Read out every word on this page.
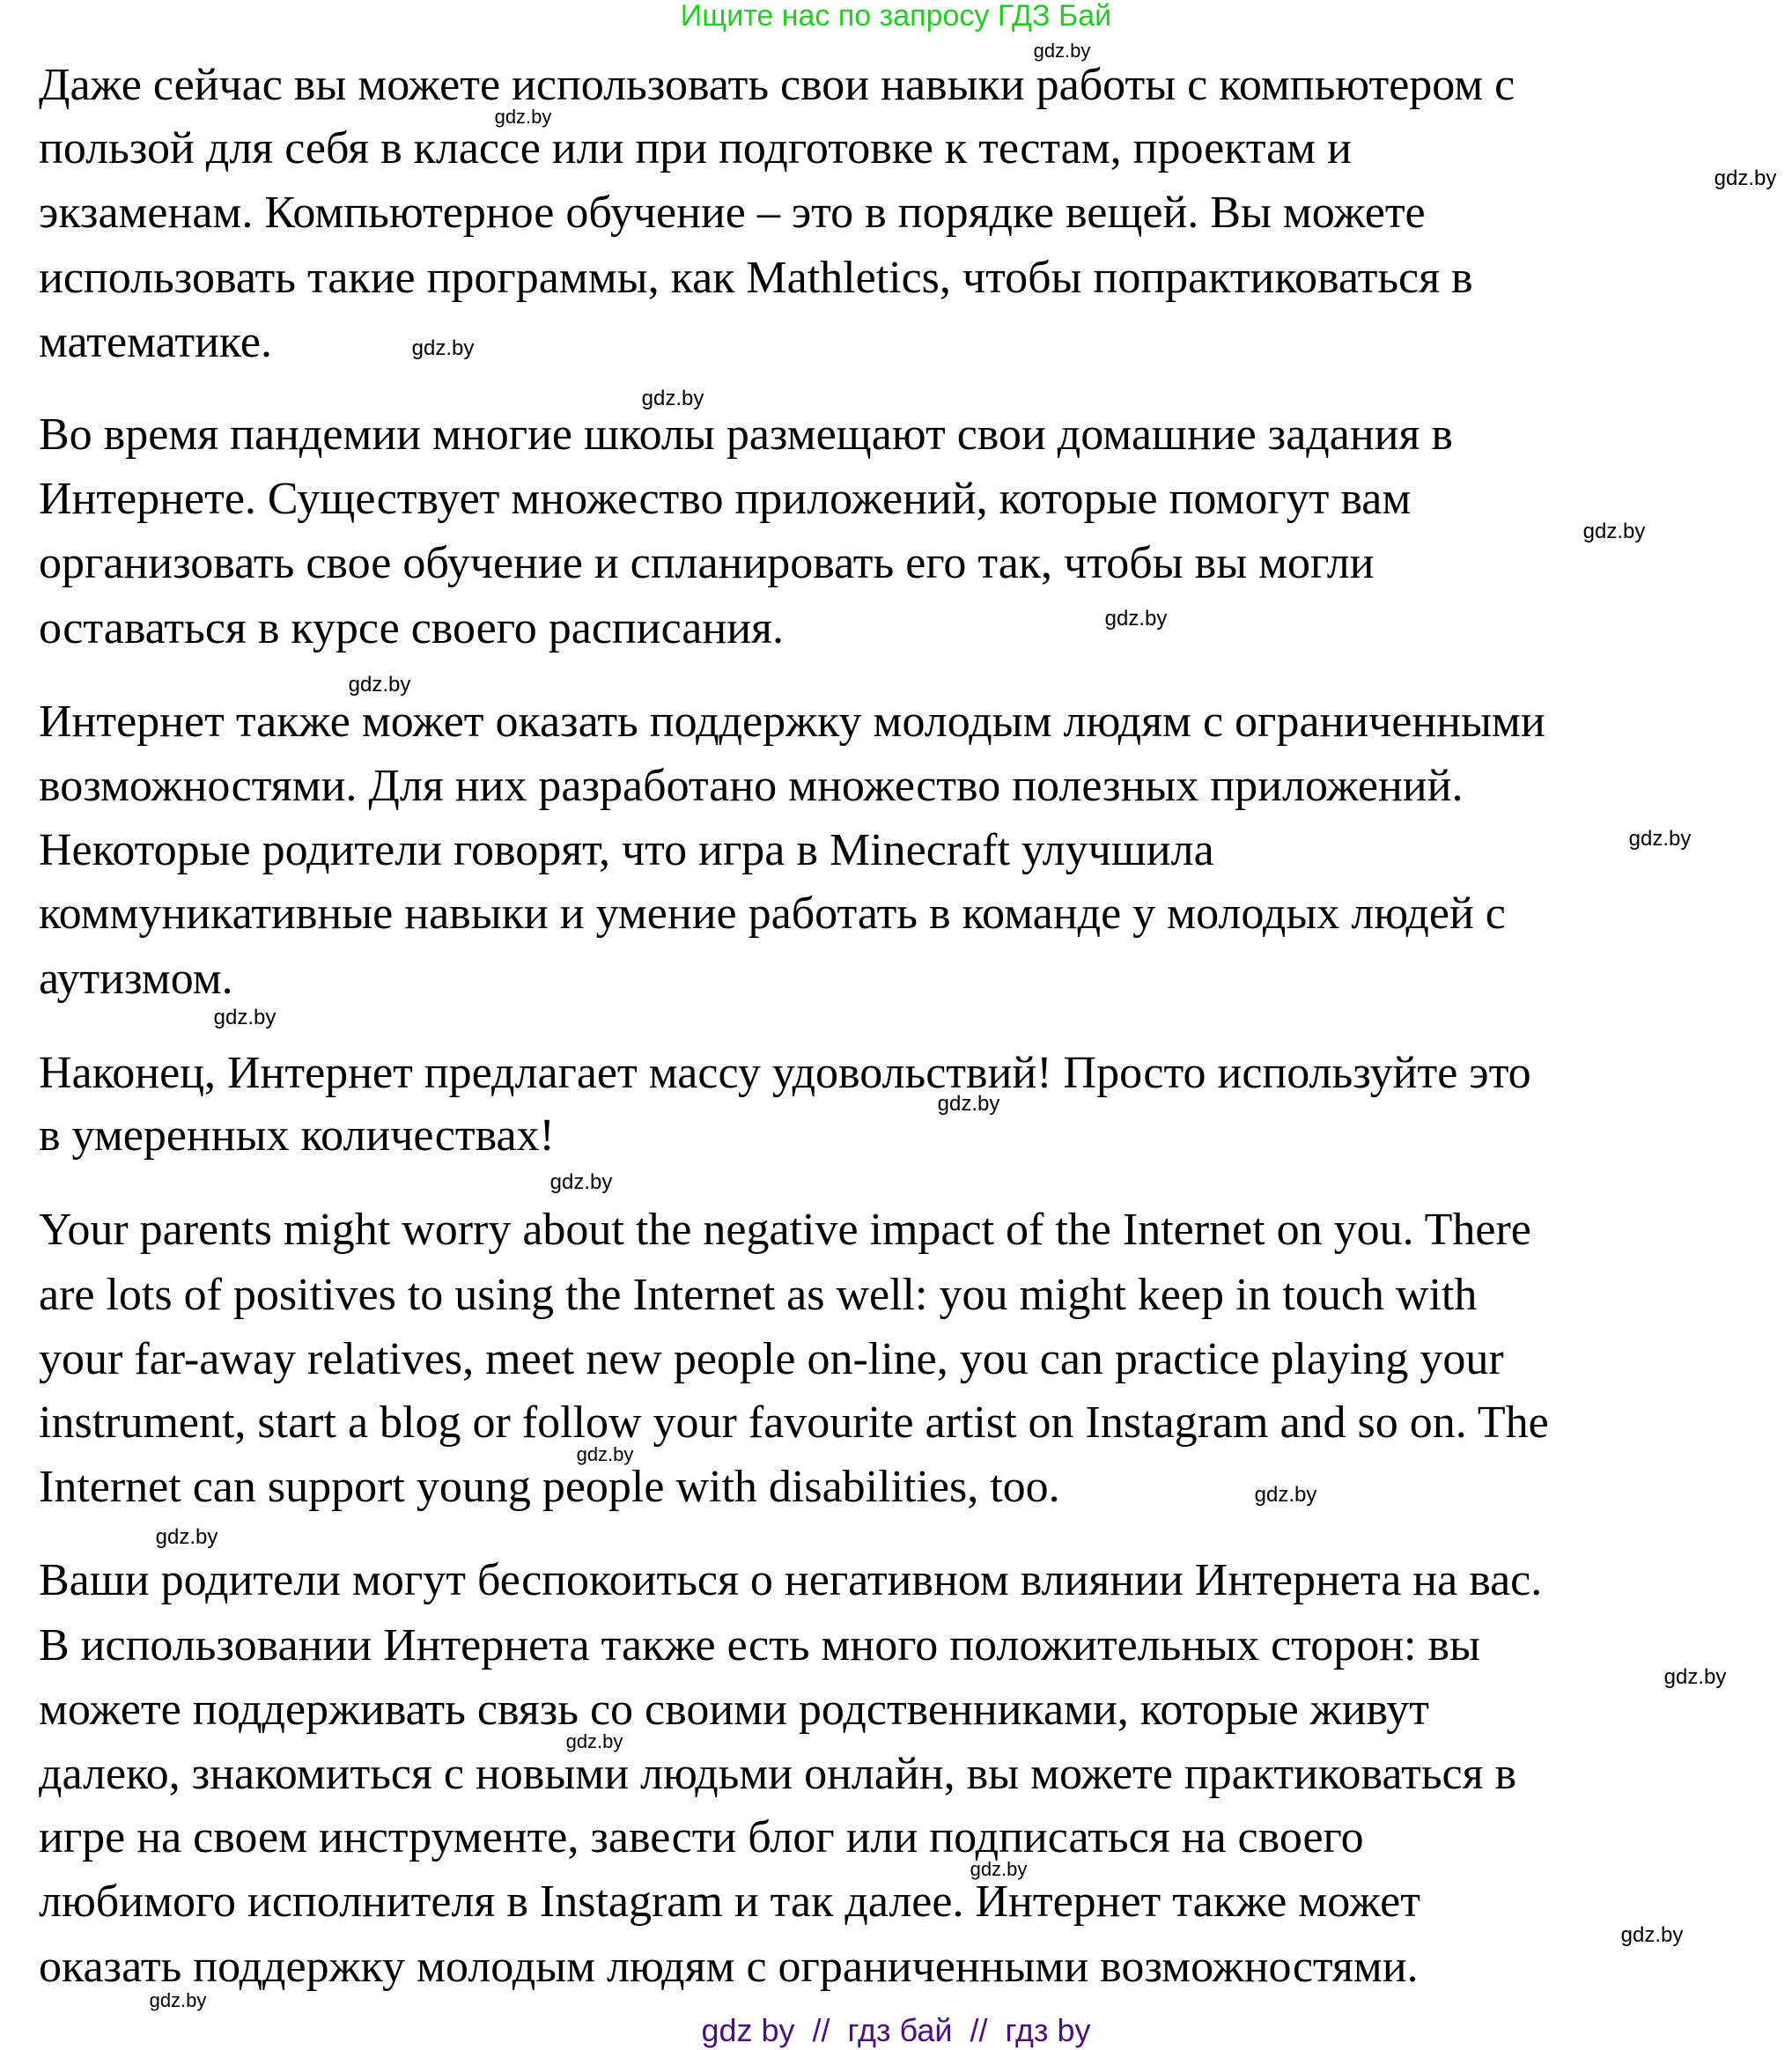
Ищите нас по запросу ГДЗ Бай
Даже сейчас вы можете использовать свои навыки работы с компьютером с
пользой для себя в классе или при подготовке к тестам, проектам и
экзаменам. Компьютерное обучение – это в порядке вещей. Вы можете
использовать такие программы, как Mathletics, чтобы попрактиковаться в
математике.
Во время пандемии многие школы размещают свои домашние задания в
Интернете. Существует множество приложений, которые помогут вам
организовать свое обучение и спланировать его так, чтобы вы могли
оставаться в курсе своего расписания.
Интернет также может оказать поддержку молодым людям с ограниченными
возможностями. Для них разработано множество полезных приложений.
Некоторые родители говорят, что игра в Minecraft улучшила
коммуникативные навыки и умение работать в команде у молодых людей с
аутизмом.
Наконец, Интернет предлагает массу удовольствий! Просто используйте это
в умеренных количествах!
Your parents might worry about the negative impact of the Internet on you. There
are lots of positives to using the Internet as well: you might keep in touch with
your far-away relatives, meet new people on-line, you can practice playing your
instrument, start a blog or follow your favourite artist on Instagram and so on. The
Internet can support young people with disabilities, too.
Ваши родители могут беспокоиться о негативном влиянии Интернета на вас.
В использовании Интернета также есть много положительных сторон: вы
можете поддерживать связь со своими родственниками, которые живут
далеко, знакомиться с новыми людьми онлайн, вы можете практиковаться в
игре на своем инструменте, завести блог или подписаться на своего
любимого исполнителя в Instagram и так далее. Интернет также может
оказать поддержку молодым людям с ограниченными возможностями.
gdz.by
gdz.by
gdz.by
gdz.by
gdz.by
gdz.by
gdz.by
gdz.by
gdz.by
gdz.by
gdz.by
gdz.by
gdz.by
gdz.by
gdz.by
gdz.by
gdz.by
gdz.by
gdz.by
gdz.by
gdz by  //  гдз бай  //  гдз by
